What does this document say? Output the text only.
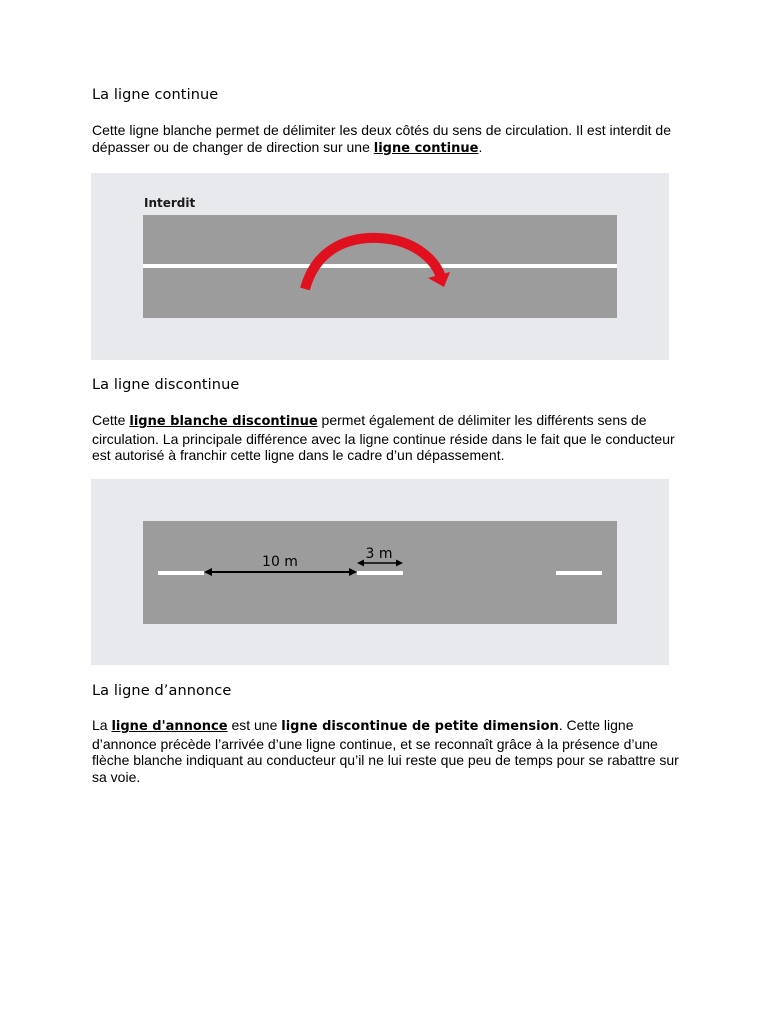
La ligne continue

Cette ligne blanche permet de délimiter les deux côtés du sens de circulation. Il est interdit de dépasser ou de changer de direction sur une ligne continue.

Interdit
La ligne discontinue

Cette ligne blanche discontinue permet également de délimiter les différents sens de circulation. La principale différence avec la ligne continue réside dans le fait que le conducteur est autorisé à franchir cette ligne dans le cadre d’un dépassement.

10 m	3 m
La ligne d’annonce

La ligne d'annonce est une ligne discontinue de petite dimension. Cette ligne d’annonce précède l’arrivée d’une ligne continue, et se reconnaît grâce à la présence d’une flèche blanche indiquant au conducteur qu’il ne lui reste que peu de temps pour se rabattre sur sa voie.
